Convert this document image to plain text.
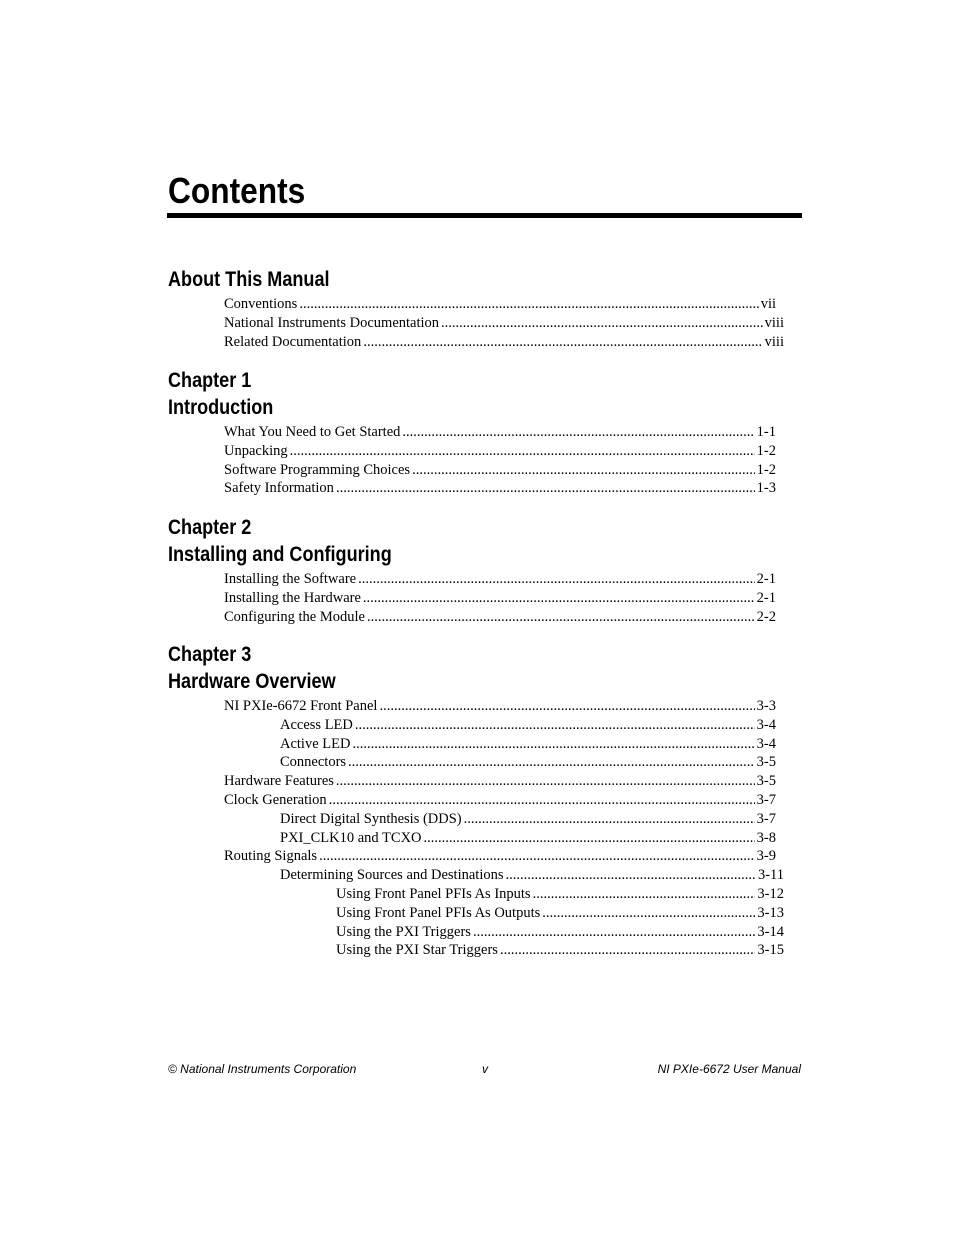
Contents
About This Manual
Conventions .....	vii
National Instruments Documentation .....	viii
Related Documentation .....	viii
Chapter 1
Introduction
What You Need to Get Started .....	1-1
Unpacking .....	1-2
Software Programming Choices .....	1-2
Safety Information .....	1-3
Chapter 2
Installing and Configuring
Installing the Software .....	2-1
Installing the Hardware .....	2-1
Configuring the Module .....	2-2
Chapter 3
Hardware Overview
NI PXIe-6672 Front Panel .....	3-3
Access LED .....	3-4
Active LED .....	3-4
Connectors .....	3-5
Hardware Features .....	3-5
Clock Generation .....	3-7
Direct Digital Synthesis (DDS) .....	3-7
PXI_CLK10 and TCXO .....	3-8
Routing Signals .....	3-9
Determining Sources and Destinations .....	3-11
Using Front Panel PFIs As Inputs .....	3-12
Using Front Panel PFIs As Outputs .....	3-13
Using the PXI Triggers .....	3-14
Using the PXI Star Triggers .....	3-15
© National Instruments Corporation	v	NI PXIe-6672 User Manual
